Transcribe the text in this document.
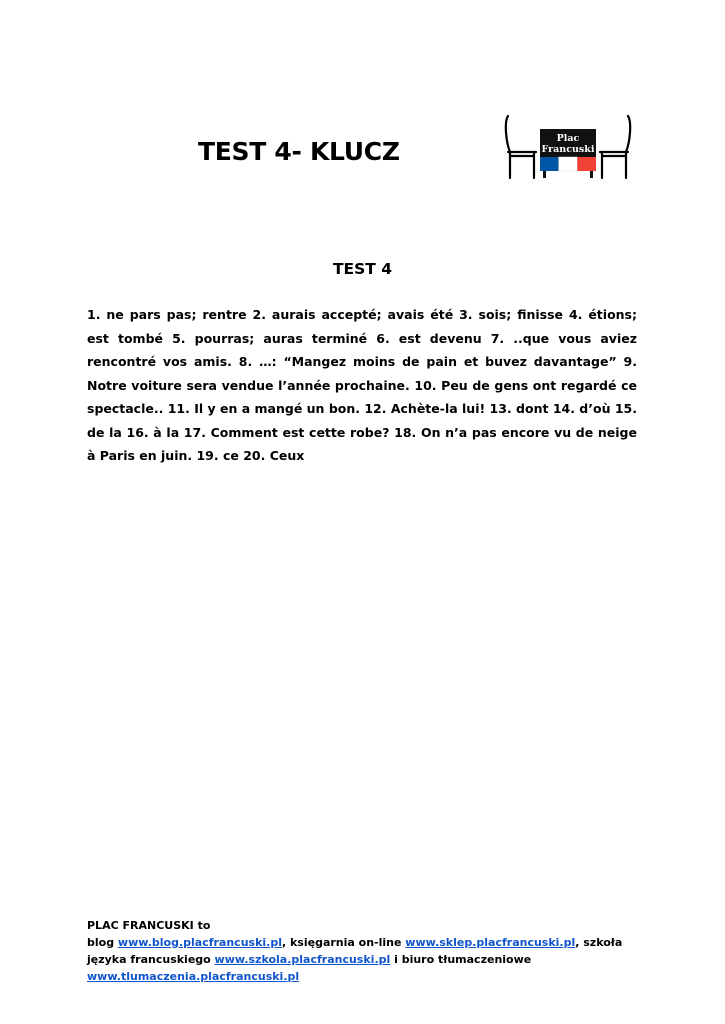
TEST 4- KLUCZ	Plac
Francuski
TEST 4

1. ne pars pas; rentre 2. aurais accepté; avais été 3. sois; finisse 4. étions; est tombé 5. pourras; auras terminé 6. est devenu 7. ..que vous aviez rencontré vos amis. 8. …: “Mangez moins de pain et buvez davantage” 9. Notre voiture sera vendue l’année prochaine. 10. Peu de gens ont regardé ce spectacle.. 11. Il y en a mangé un bon. 12. Achète-la lui! 13. dont 14. d’où 15. de la 16. à la 17. Comment est cette robe? 18. On n’a pas encore vu de neige à Paris en juin. 19. ce 20. Ceux

PLAC FRANCUSKI to
blog www.blog.placfrancuski.pl, księgarnia on-line www.sklep.placfrancuski.pl, szkoła języka francuskiego www.szkola.placfrancuski.pl i biuro tłumaczeniowe www.tlumaczenia.placfrancuski.pl
